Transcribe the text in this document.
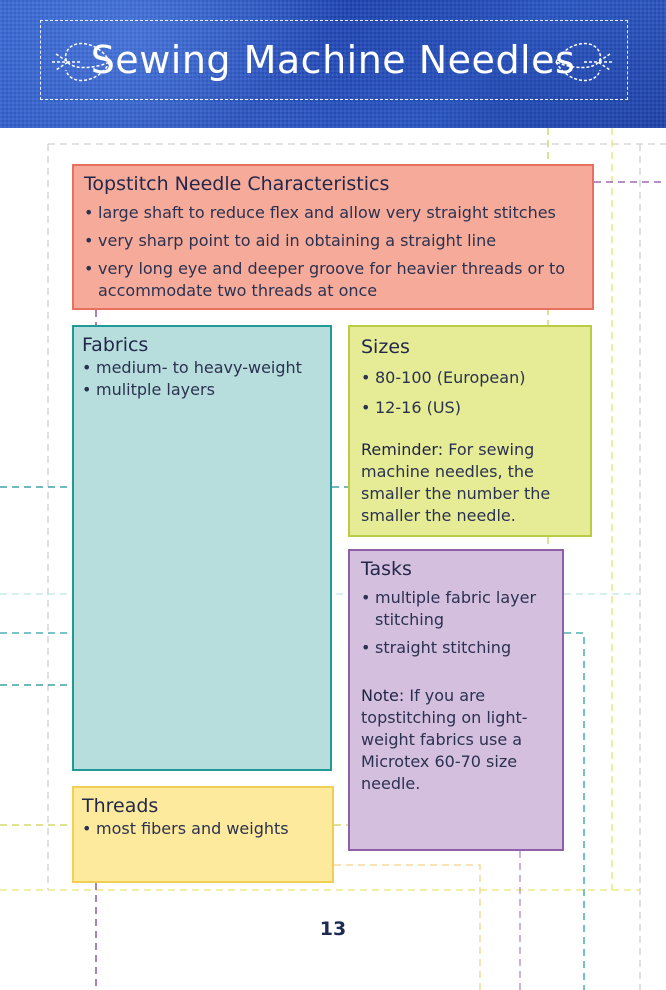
Sewing Machine Needles
Topstitch Needle Characteristics
• large shaft to reduce flex and allow very straight stitches
• very sharp point to aid in obtaining a straight line
• very long eye and deeper groove for heavier threads or to accommodate two threads at once
Fabrics
• medium- to heavy-weight
• mulitple layers
Sizes
• 80-100 (European)
• 12-16 (US)
Reminder: For sewing machine needles, the smaller the number the smaller the needle.
Tasks
• multiple fabric layer stitching
• straight stitching
Note: If you are topstitching on light-weight fabrics use a Microtex 60-70 size needle.
Threads
• most fibers and weights
13
